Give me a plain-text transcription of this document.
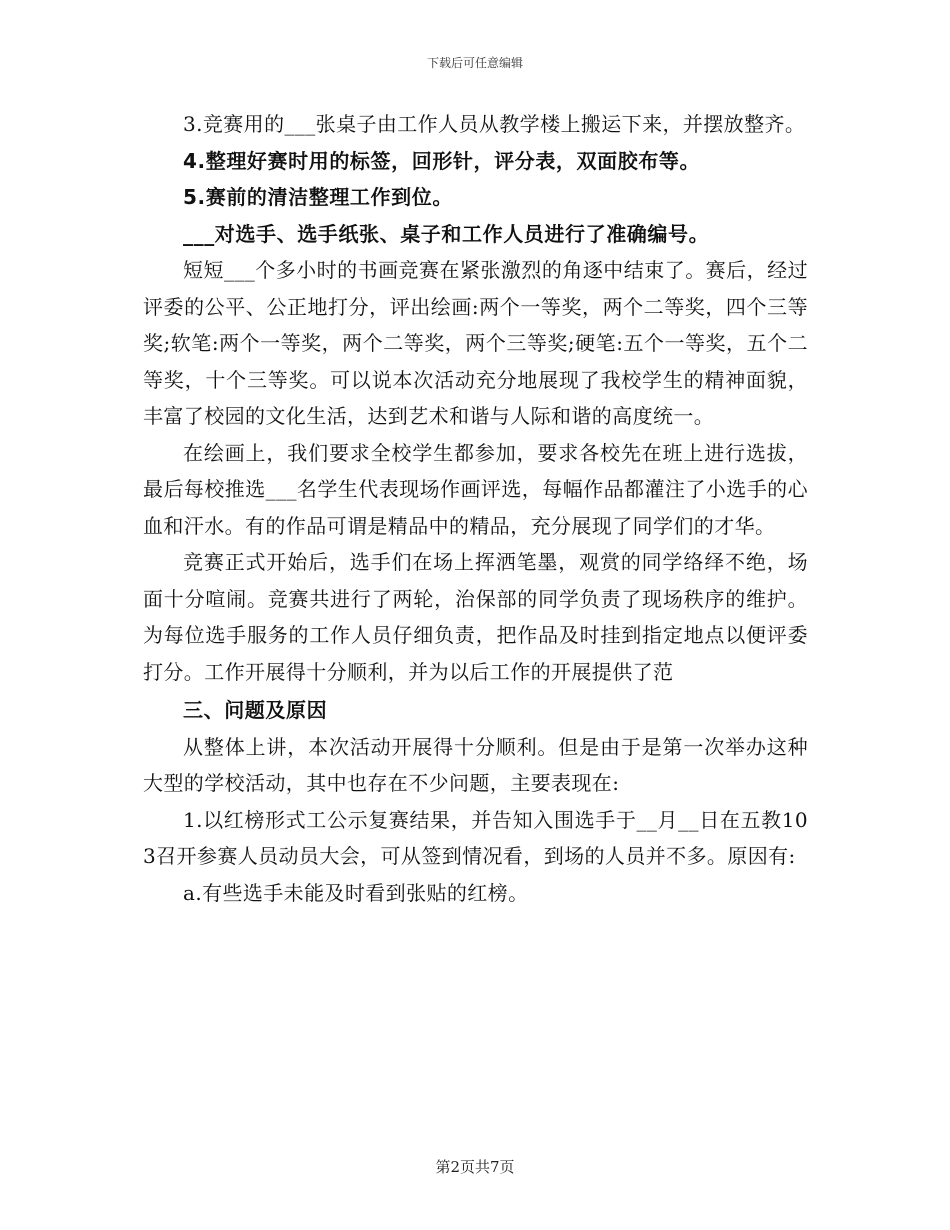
下载后可任意编辑

3.竞赛用的___张桌子由工作人员从教学楼上搬运下来，并摆放整齐。

4.整理好赛时用的标签，回形针，评分表，双面胶布等。

5.赛前的清洁整理工作到位。

___对选手、选手纸张、桌子和工作人员进行了准确编号。

短短___个多小时的书画竞赛在紧张激烈的角逐中结束了。赛后，经过评委的公平、公正地打分，评出绘画:两个一等奖，两个二等奖，四个三等奖;软笔:两个一等奖，两个二等奖，两个三等奖;硬笔:五个一等奖，五个二等奖，十个三等奖。可以说本次活动充分地展现了我校学生的精神面貌，丰富了校园的文化生活，达到艺术和谐与人际和谐的高度统一。

在绘画上，我们要求全校学生都参加，要求各校先在班上进行选拔，最后每校推选___名学生代表现场作画评选，每幅作品都灌注了小选手的心血和汗水。有的作品可谓是精品中的精品，充分展现了同学们的才华。

竞赛正式开始后，选手们在场上挥洒笔墨，观赏的同学络绎不绝，场面十分喧闹。竞赛共进行了两轮，治保部的同学负责了现场秩序的维护。为每位选手服务的工作人员仔细负责，把作品及时挂到指定地点以便评委打分。工作开展得十分顺利，并为以后工作的开展提供了范

三、问题及原因

从整体上讲，本次活动开展得十分顺利。但是由于是第一次举办这种大型的学校活动，其中也存在不少问题，主要表现在:

1.以红榜形式工公示复赛结果，并告知入围选手于__月__日在五教103召开参赛人员动员大会，可从签到情况看，到场的人员并不多。原因有:

a.有些选手未能及时看到张贴的红榜。

第2页共7页
